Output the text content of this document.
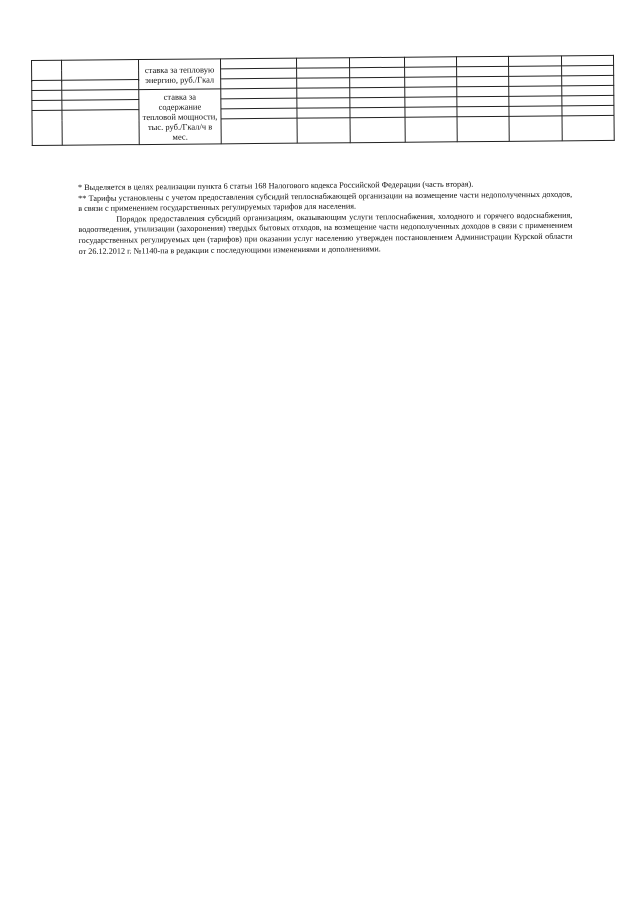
		ставка за тепловую энергию, руб./Гкал							

		ставка за содержание тепловой мощности, тыс. руб./Гкал/ч в мес.							

* Выделяется в целях реализации пункта 6 статьи 168 Налогового кодекса Российской Федерации (часть вторая).

** Тарифы установлены с учетом предоставления субсидий теплоснабжающей организации на возмещение части недополученных доходов, в связи с применением государственных регулируемых тарифов для населения.

Порядок предоставления субсидий организациям, оказывающим услуги теплоснабжения, холодного и горячего водоснабжения, водоотведения, утилизации (захоронения) твердых бытовых отходов, на возмещение части недополученных доходов в связи с применением государственных регулируемых цен (тарифов) при оказании услуг населению утвержден постановлением Администрации Курской области от 26.12.2012 г. №1140-па в редакции с последующими изменениями и дополнениями.
